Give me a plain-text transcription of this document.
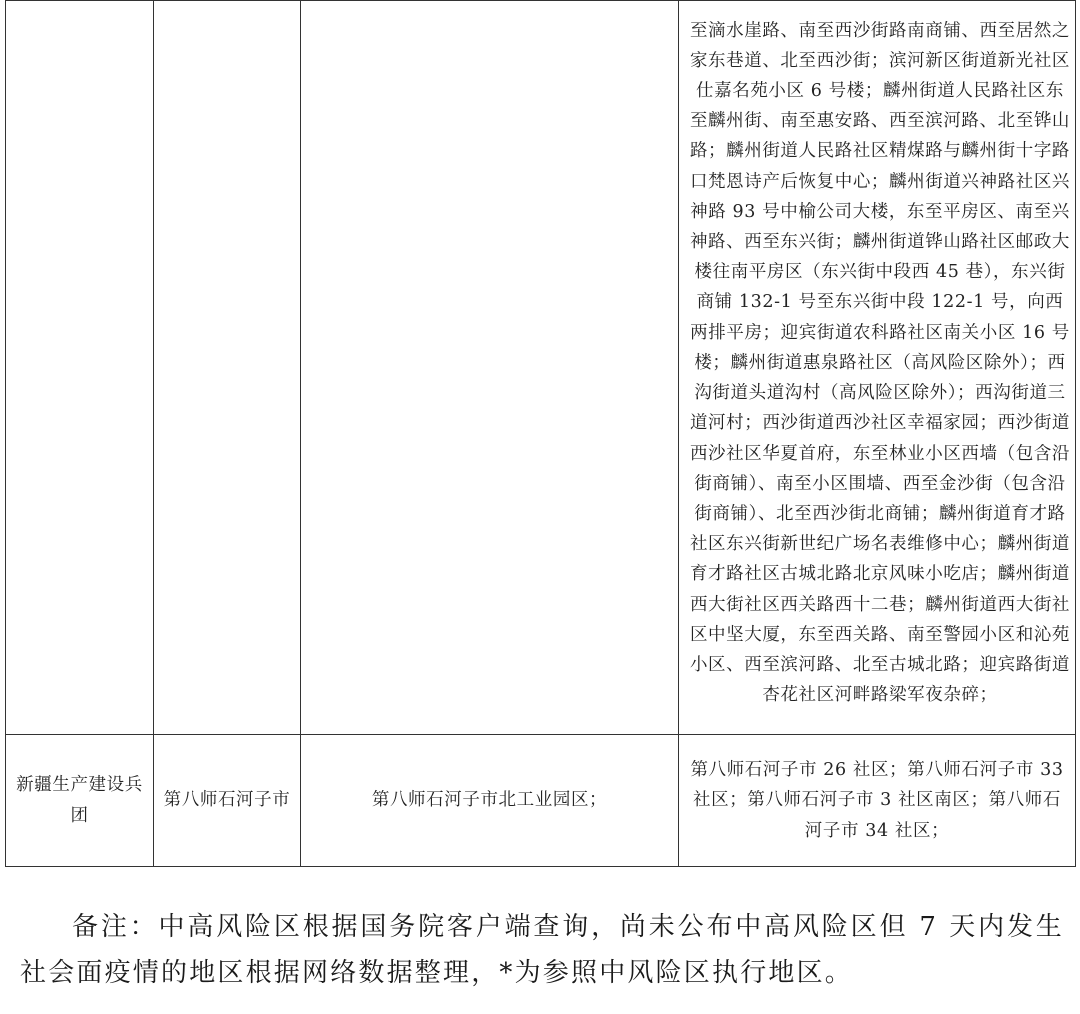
			至滴水崖路、南至西沙街路南商铺、西至居然之家东巷道、北至西沙街；滨河新区街道新光社区仕嘉名苑小区 6 号楼；麟州街道人民路社区东至麟州街、南至惠安路、西至滨河路、北至铧山路；麟州街道人民路社区精煤路与麟州街十字路口梵恩诗产后恢复中心；麟州街道兴神路社区兴神路 93 号中榆公司大楼，东至平房区、南至兴神路、西至东兴街；麟州街道铧山路社区邮政大楼往南平房区（东兴街中段西 45 巷），东兴街商铺 132-1 号至东兴街中段 122-1 号，向西两排平房；迎宾街道农科路社区南关小区 16 号楼；麟州街道惠泉路社区（高风险区除外）；西沟街道头道沟村（高风险区除外）；西沟街道三道河村；西沙街道西沙社区幸福家园；西沙街道西沙社区华夏首府，东至林业小区西墙（包含沿街商铺）、南至小区围墙、西至金沙街（包含沿街商铺）、北至西沙街北商铺；麟州街道育才路社区东兴街新世纪广场名表维修中心；麟州街道育才路社区古城北路北京风味小吃店；麟州街道西大街社区西关路西十二巷；麟州街道西大街社区中坚大厦，东至西关路、南至警园小区和沁苑小区、西至滨河路、北至古城北路；迎宾路街道杏花社区河畔路梁军夜杂碎；

新疆生产建设兵团	第八师石河子市	第八师石河子市北工业园区；	第八师石河子市 26 社区；第八师石河子市 33 社区；第八师石河子市 3 社区南区；第八师石河子市 34 社区；
备注：中高风险区根据国务院客户端查询，尚未公布中高风险区但 7 天内发生社会面疫情的地区根据网络数据整理，*为参照中风险区执行地区。
